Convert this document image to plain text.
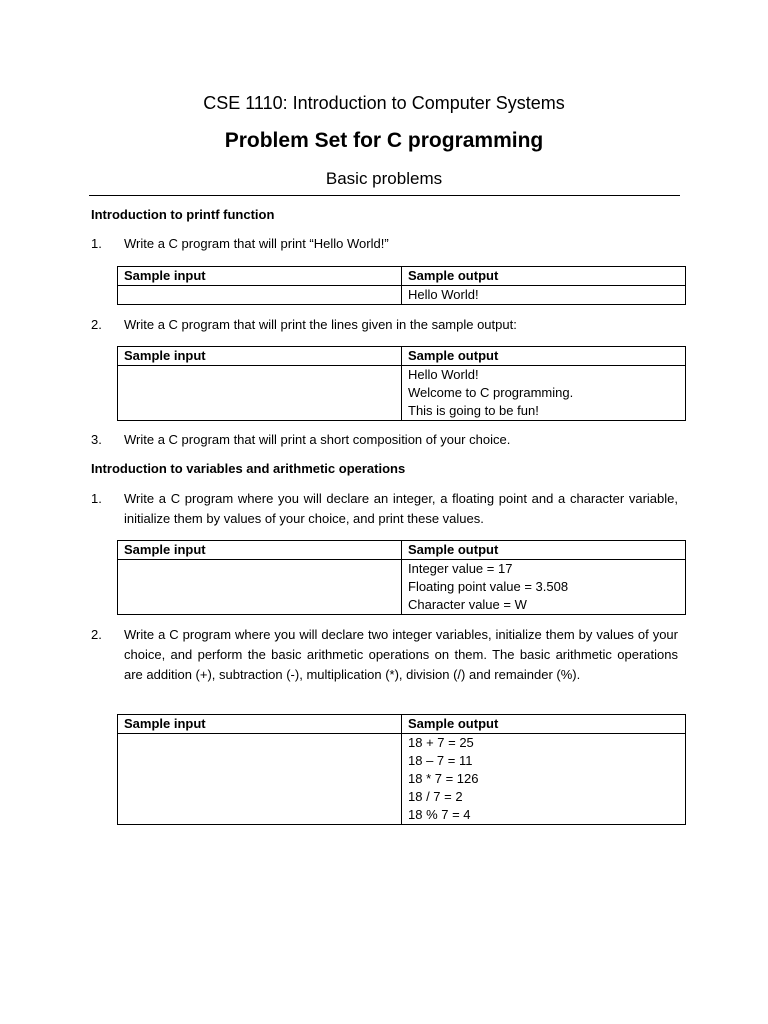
CSE 1110: Introduction to Computer Systems
Problem Set for C programming
Basic problems
Introduction to printf function
1. Write a C program that will print “Hello World!”
Sample input	Sample output

	Hello World!
2. Write a C program that will print the lines given in the sample output:
Sample input	Sample output

	Hello World!
Welcome to C programming.
This is going to be fun!
3. Write a C program that will print a short composition of your choice.
Introduction to variables and arithmetic operations
1. Write a C program where you will declare an integer, a floating point and a character variable, initialize them by values of your choice, and print these values.
Sample input	Sample output

	Integer value = 17
Floating point value = 3.508
Character value = W
2. Write a C program where you will declare two integer variables, initialize them by values of your choice, and perform the basic arithmetic operations on them. The basic arithmetic operations are addition (+), subtraction (-), multiplication (*), division (/) and remainder (%).
Sample input	Sample output

	18 + 7 = 25
18 – 7 = 11
18 * 7 = 126
18 / 7 = 2
18 % 7 = 4
